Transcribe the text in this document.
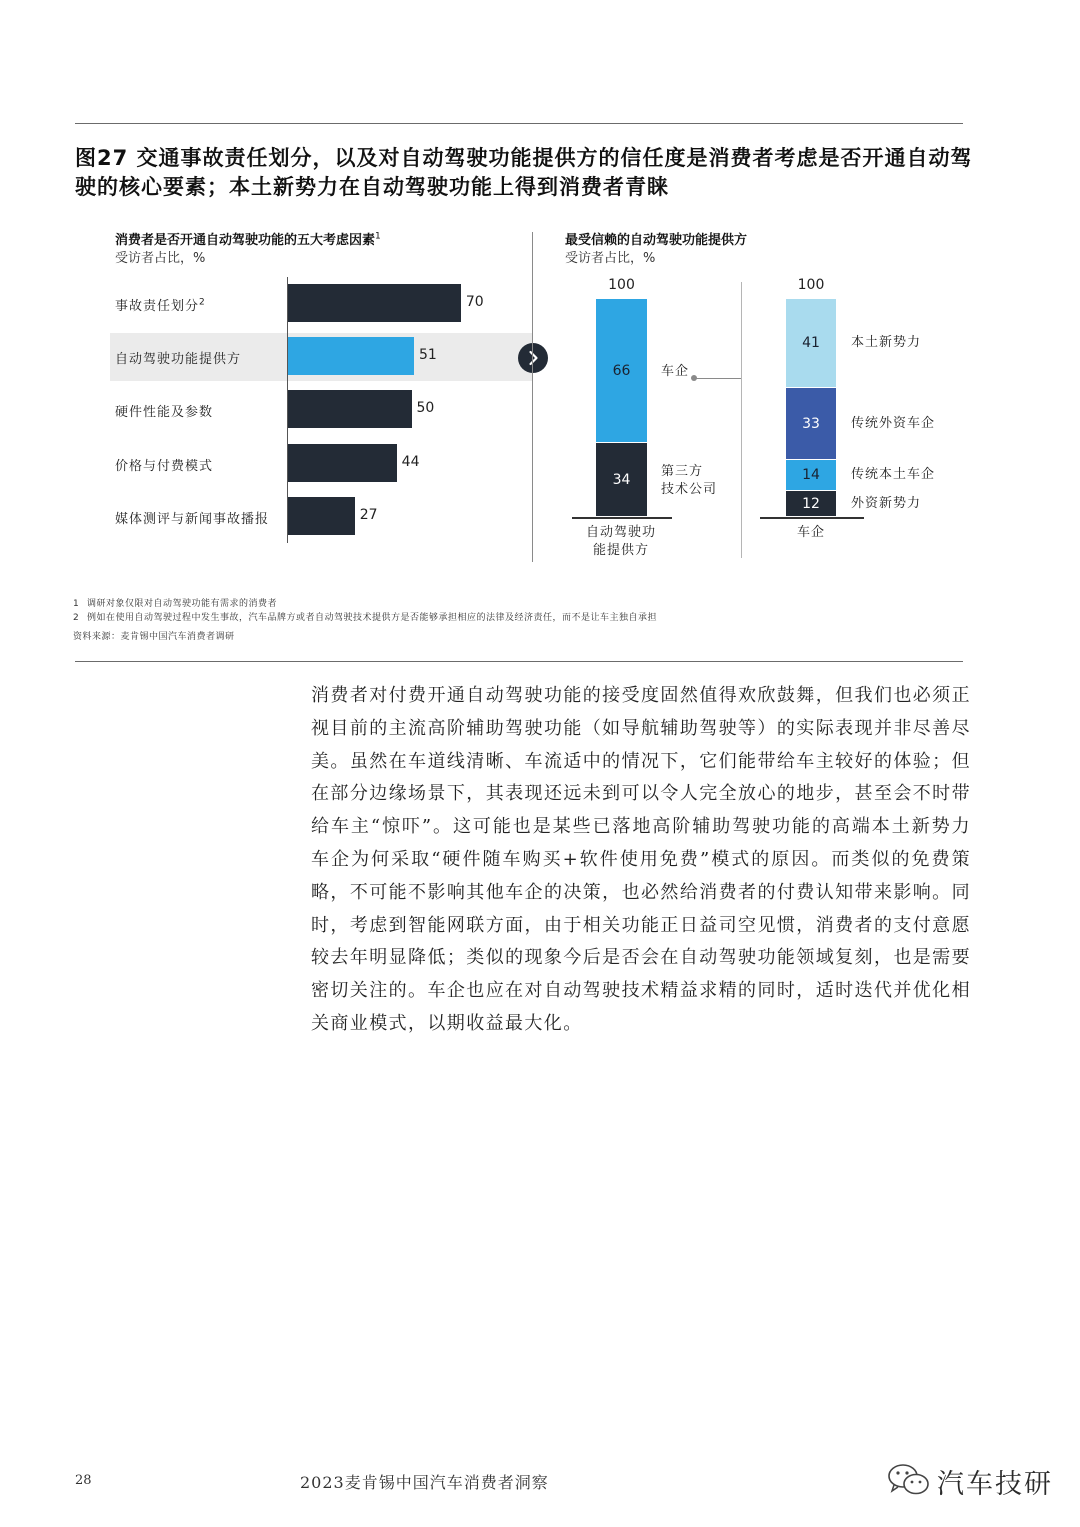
图27 交通事故责任划分，以及对自动驾驶功能提供方的信任度是消费者考虑是否开通自动驾驶的核心要素；本土新势力在自动驾驶功能上得到消费者青睐
消费者是否开通自动驾驶功能的五大考虑因素$^1$
受访者占比，%
事故责任划分$^2$	70
自动驾驶功能提供方	51
硬件性能及参数	50
价格与付费模式	44
媒体测评与新闻事故播报	27
最受信赖的自动驾驶功能提供方
受访者占比，%
34
66
100
12
14
33
41
100
车企
第三方
技术公司
外资新势力
传统本土车企
传统外资车企
本土新势力
自动驾驶功
能提供方
车企
1 调研对象仅限对自动驾驶功能有需求的消费者
2 例如在使用自动驾驶过程中发生事故，汽车品牌方或者自动驾驶技术提供方是否能够承担相应的法律及经济责任，而不是让车主独自承担
资料来源：麦肯锡中国汽车消费者调研
消费者对付费开通自动驾驶功能的接受度固然值得欢欣鼓舞，但我们也必须正视目前的主流高阶辅助驾驶功能（如导航辅助驾驶等）的实际表现并非尽善尽美。虽然在车道线清晰、车流适中的情况下，它们能带给车主较好的体验；但在部分边缘场景下，其表现还远未到可以令人完全放心的地步，甚至会不时带给车主“惊吓”。这可能也是某些已落地高阶辅助驾驶功能的高端本土新势力车企为何采取“硬件随车购买+软件使用免费”模式的原因。而类似的免费策略，不可能不影响其他车企的决策，也必然给消费者的付费认知带来影响。同时，考虑到智能网联方面，由于相关功能正日益司空见惯，消费者的支付意愿较去年明显降低；类似的现象今后是否会在自动驾驶功能领域复刻，也是需要密切关注的。车企也应在对自动驾驶技术精益求精的同时，适时迭代并优化相关商业模式，以期收益最大化。
28	2023麦肯锡中国汽车消费者洞察	汽车技研
